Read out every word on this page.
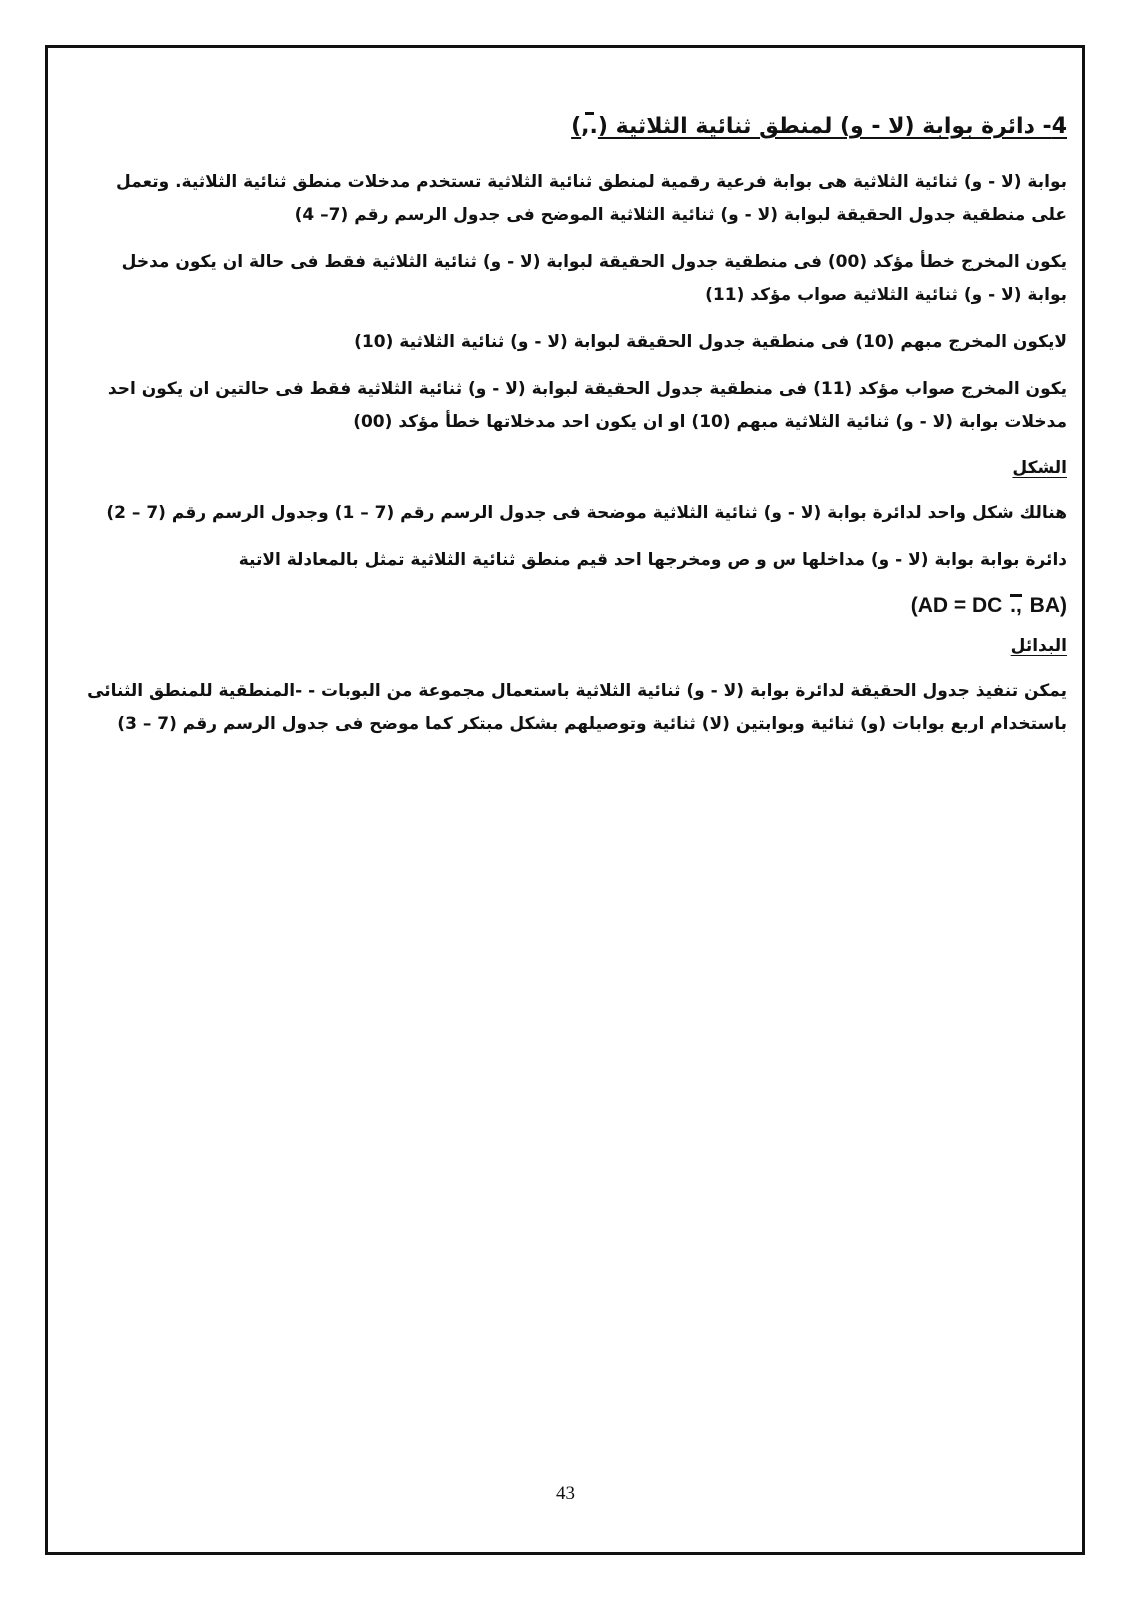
4- دائرة بوابة (لا - و) لمنطق ثنائية الثلاثية (.,)

بوابة (لا - و) ثنائية الثلاثية هى بوابة فرعية رقمية لمنطق ثنائية الثلاثية تستخدم مدخلات منطق ثنائية الثلاثية. وتعمل على منطقية جدول الحقيقة لبوابة (لا - و) ثنائية الثلاثية الموضح فى جدول الرسم رقم (7– 4)

يكون المخرج خطأ مؤكد (00) فى منطقية جدول الحقيقة لبوابة (لا - و) ثنائية الثلاثية فقط فى حالة ان يكون مدخل بوابة (لا - و) ثنائية الثلاثية صواب مؤكد (11)

لايكون المخرج مبهم (10) فى منطقية جدول الحقيقة لبوابة (لا - و) ثنائية الثلاثية (10)

يكون المخرج صواب مؤكد (11) فى منطقية جدول الحقيقة لبوابة (لا - و) ثنائية الثلاثية فقط فى حالتين ان يكون احد مدخلات بوابة (لا - و) ثنائية الثلاثية مبهم (10) او ان يكون احد مدخلاتها خطأ مؤكد (00)

الشكل

هنالك شكل واحد لدائرة بوابة (لا - و) ثنائية الثلاثية موضحة فى جدول الرسم رقم (7 – 1) وجدول الرسم رقم (7 – 2)

دائرة بوابة بوابة (لا - و) مداخلها س و ص ومخرجها احد قيم منطق ثنائية الثلاثية تمثل بالمعادلة الاتية

(AD = DC ., BA)
البدائل

يمكن تنفيذ جدول الحقيقة لدائرة بوابة (لا - و) ثنائية الثلاثية باستعمال مجموعة من البوبات - -المنطقية للمنطق الثنائى باستخدام اربع بوابات (و) ثنائية وبوابتين (لا) ثنائية وتوصيلهم بشكل مبتكر كما موضح فى جدول الرسم رقم (7 – 3)

43
